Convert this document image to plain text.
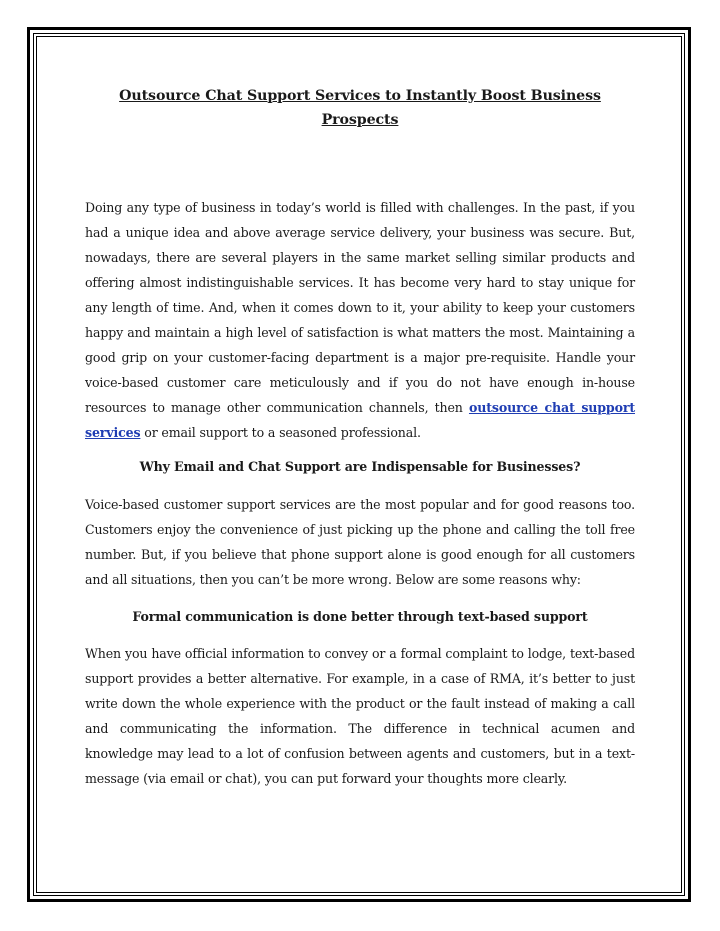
Outsource Chat Support Services to Instantly Boost Business Prospects

Doing any type of business in today’s world is filled with challenges. In the past, if you had a unique idea and above average service delivery, your business was secure. But, nowadays, there are several players in the same market selling similar products and offering almost indistinguishable services. It has become very hard to stay unique for any length of time. And, when it comes down to it, your ability to keep your customers happy and maintain a high level of satisfaction is what matters the most. Maintaining a good grip on your customer-facing department is a major pre-requisite. Handle your voice-based customer care meticulously and if you do not have enough in-house resources to manage other communication channels, then outsource chat support services or email support to a seasoned professional.

Why Email and Chat Support are Indispensable for Businesses?

Voice-based customer support services are the most popular and for good reasons too. Customers enjoy the convenience of just picking up the phone and calling the toll free number. But, if you believe that phone support alone is good enough for all customers and all situations, then you can’t be more wrong. Below are some reasons why:

Formal communication is done better through text-based support

When you have official information to convey or a formal complaint to lodge, text-based support provides a better alternative. For example, in a case of RMA, it’s better to just write down the whole experience with the product or the fault instead of making a call and communicating the information. The difference in technical acumen and knowledge may lead to a lot of confusion between agents and customers, but in a text-message (via email or chat), you can put forward your thoughts more clearly.
